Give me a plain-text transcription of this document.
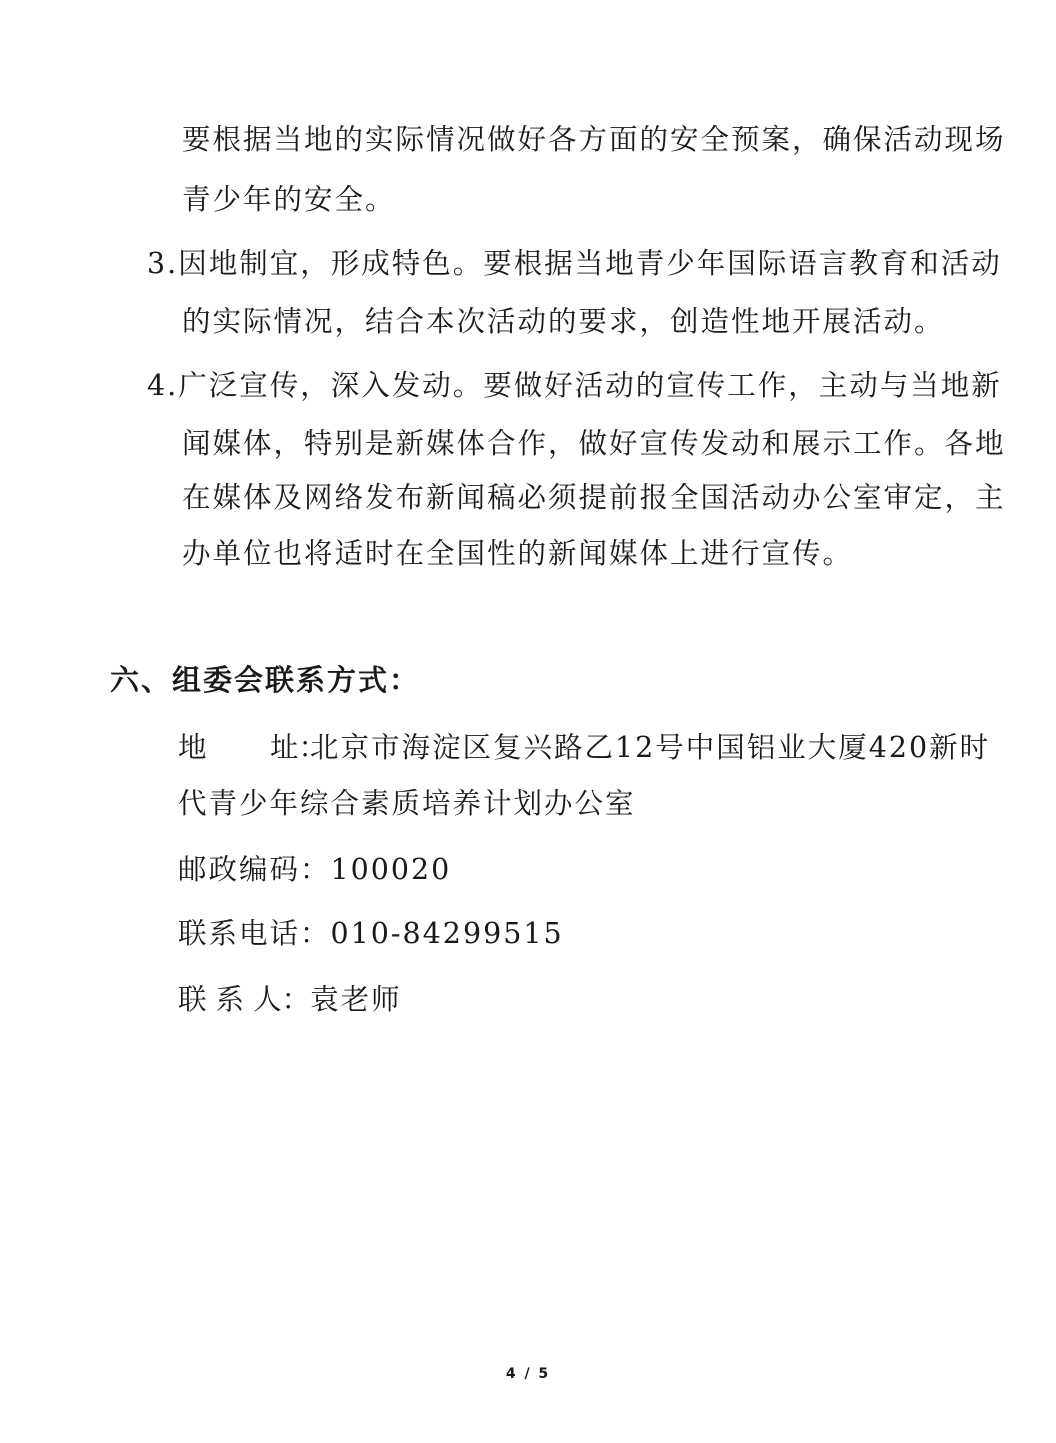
要根据当地的实际情况做好各方面的安全预案，确保活动现场

青少年的安全。

3.因地制宜，形成特色。要根据当地青少年国际语言教育和活动

的实际情况，结合本次活动的要求，创造性地开展活动。

4.广泛宣传，深入发动。要做好活动的宣传工作，主动与当地新

闻媒体，特别是新媒体合作，做好宣传发动和展示工作。各地

在媒体及网络发布新闻稿必须提前报全国活动办公室审定，主

办单位也将适时在全国性的新闻媒体上进行宣传。

六、组委会联系方式：

地 址：北京市海淀区复兴路乙12号中国铝业大厦420新时

代青少年综合素质培养计划办公室

邮政编码：100020

联系电话：010-84299515

联 系 人：袁老师

4 / 5
